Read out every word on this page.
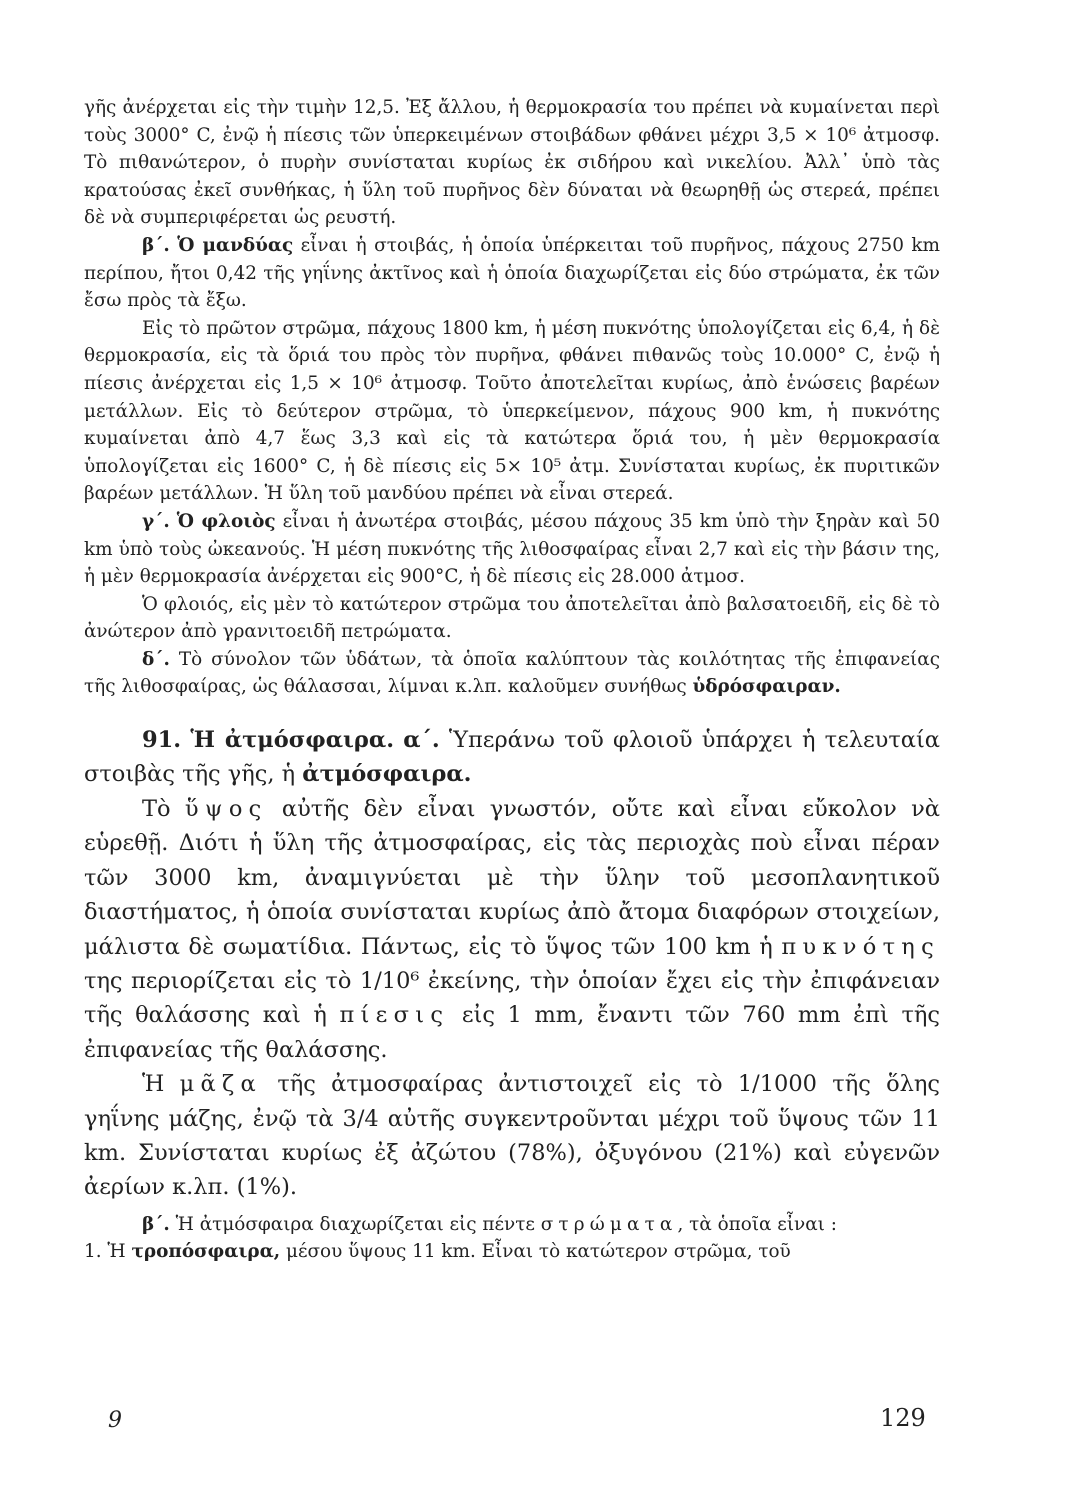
γῆς ἀνέρχεται εἰς τὴν τιμὴν 12,5. Ἐξ ἄλλου, ἡ θερμοκρασία του πρέπει νὰ κυμαίνεται περὶ τοὺς 3000° C, ἐνῷ ἡ πίεσις τῶν ὑπερκειμένων στοιβάδων φθάνει μέχρι 3,5 × 10⁶ ἀτμοσφ. Τὸ πιθανώτερον, ὁ πυρὴν συνίσταται κυρίως ἐκ σιδήρου καὶ νικελίου. Ἀλλ᾽ ὑπὸ τὰς κρατούσας ἐκεῖ συνθήκας, ἡ ὕλη τοῦ πυρῆνος δὲν δύναται νὰ θεωρηθῇ ὡς στερεά, πρέπει δὲ νὰ συμπεριφέρεται ὡς ρευστή.

β΄. Ὁ μανδύας εἶναι ἡ στοιβάς, ἡ ὁποία ὑπέρκειται τοῦ πυρῆνος, πάχους 2750 km περίπου, ἤτοι 0,42 τῆς γηΐνης ἀκτῖνος καὶ ἡ ὁποία διαχωρίζεται εἰς δύο στρώματα, ἐκ τῶν ἔσω πρὸς τὰ ἔξω.

Εἰς τὸ πρῶτον στρῶμα, πάχους 1800 km, ἡ μέση πυκνότης ὑπολογίζεται εἰς 6,4, ἡ δὲ θερμοκρασία, εἰς τὰ ὅριά του πρὸς τὸν πυρῆνα, φθάνει πιθανῶς τοὺς 10.000° C, ἐνῷ ἡ πίεσις ἀνέρχεται εἰς 1,5 × 10⁶ ἀτμοσφ. Τοῦτο ἀποτελεῖται κυρίως, ἀπὸ ἑνώσεις βαρέων μετάλλων. Εἰς τὸ δεύτερον στρῶμα, τὸ ὑπερκείμενον, πάχους 900 km, ἡ πυκνότης κυμαίνεται ἀπὸ 4,7 ἕως 3,3 καὶ εἰς τὰ κατώτερα ὅριά του, ἡ μὲν θερμοκρασία ὑπολογίζεται εἰς 1600° C, ἡ δὲ πίεσις εἰς 5× 10⁵ ἀτμ. Συνίσταται κυρίως, ἐκ πυριτικῶν βαρέων μετάλλων. Ἡ ὕλη τοῦ μανδύου πρέπει νὰ εἶναι στερεά.

γ΄. Ὁ φλοιὸς εἶναι ἡ ἀνωτέρα στοιβάς, μέσου πάχους 35 km ὑπὸ τὴν ξηρὰν καὶ 50 km ὑπὸ τοὺς ὠκεανούς. Ἡ μέση πυκνότης τῆς λιθοσφαίρας εἶναι 2,7 καὶ εἰς τὴν βάσιν της, ἡ μὲν θερμοκρασία ἀνέρχεται εἰς 900°C, ἡ δὲ πίεσις εἰς 28.000 ἀτμοσ.

Ὁ φλοιός, εἰς μὲν τὸ κατώτερον στρῶμα του ἀποτελεῖται ἀπὸ βαλσατοειδῆ, εἰς δὲ τὸ ἀνώτερον ἀπὸ γρανιτοειδῆ πετρώματα.

δ΄. Τὸ σύνολον τῶν ὑδάτων, τὰ ὁποῖα καλύπτουν τὰς κοιλότητας τῆς ἐπιφανείας τῆς λιθοσφαίρας, ὡς θάλασσαι, λίμναι κ.λπ. καλοῦμεν συνήθως ὑδρόσφαιραν.

91. Ἡ ἀτμόσφαιρα. α΄. Ὑπεράνω τοῦ φλοιοῦ ὑπάρχει ἡ τελευταία στοιβὰς τῆς γῆς, ἡ ἀτμόσφαιρα.

Τὸ ὕψος αὐτῆς δὲν εἶναι γνωστόν, οὔτε καὶ εἶναι εὔκολον νὰ εὑρεθῇ. Διότι ἡ ὕλη τῆς ἀτμοσφαίρας, εἰς τὰς περιοχὰς ποὺ εἶναι πέραν τῶν 3000 km, ἀναμιγνύεται μὲ τὴν ὕλην τοῦ μεσοπλανητικοῦ διαστήματος, ἡ ὁποία συνίσταται κυρίως ἀπὸ ἄτομα διαφόρων στοιχείων, μάλιστα δὲ σωματίδια. Πάντως, εἰς τὸ ὕψος τῶν 100 km ἡ πυκνότης της περιορίζεται εἰς τὸ 1/10⁶ ἐκείνης, τὴν ὁποίαν ἔχει εἰς τὴν ἐπιφάνειαν τῆς θαλάσσης καὶ ἡ πίεσις εἰς 1 mm, ἔναντι τῶν 760 mm ἐπὶ τῆς ἐπιφανείας τῆς θαλάσσης.

Ἡ μᾶζα τῆς ἀτμοσφαίρας ἀντιστοιχεῖ εἰς τὸ 1/1000 τῆς ὅλης γηΐνης μάζης, ἐνῷ τὰ 3/4 αὐτῆς συγκεντροῦνται μέχρι τοῦ ὕψους τῶν 11 km. Συνίσταται κυρίως ἐξ ἀζώτου (78%), ὀξυγόνου (21%) καὶ εὐγενῶν ἀερίων κ.λπ. (1%).

β΄. Ἡ ἀτμόσφαιρα διαχωρίζεται εἰς πέντε στρώματα, τὰ ὁποῖα εἶναι :

1. Ἡ τροπόσφαιρα, μέσου ὕψους 11 km. Εἶναι τὸ κατώτερον στρῶμα, τοῦ

9	129
